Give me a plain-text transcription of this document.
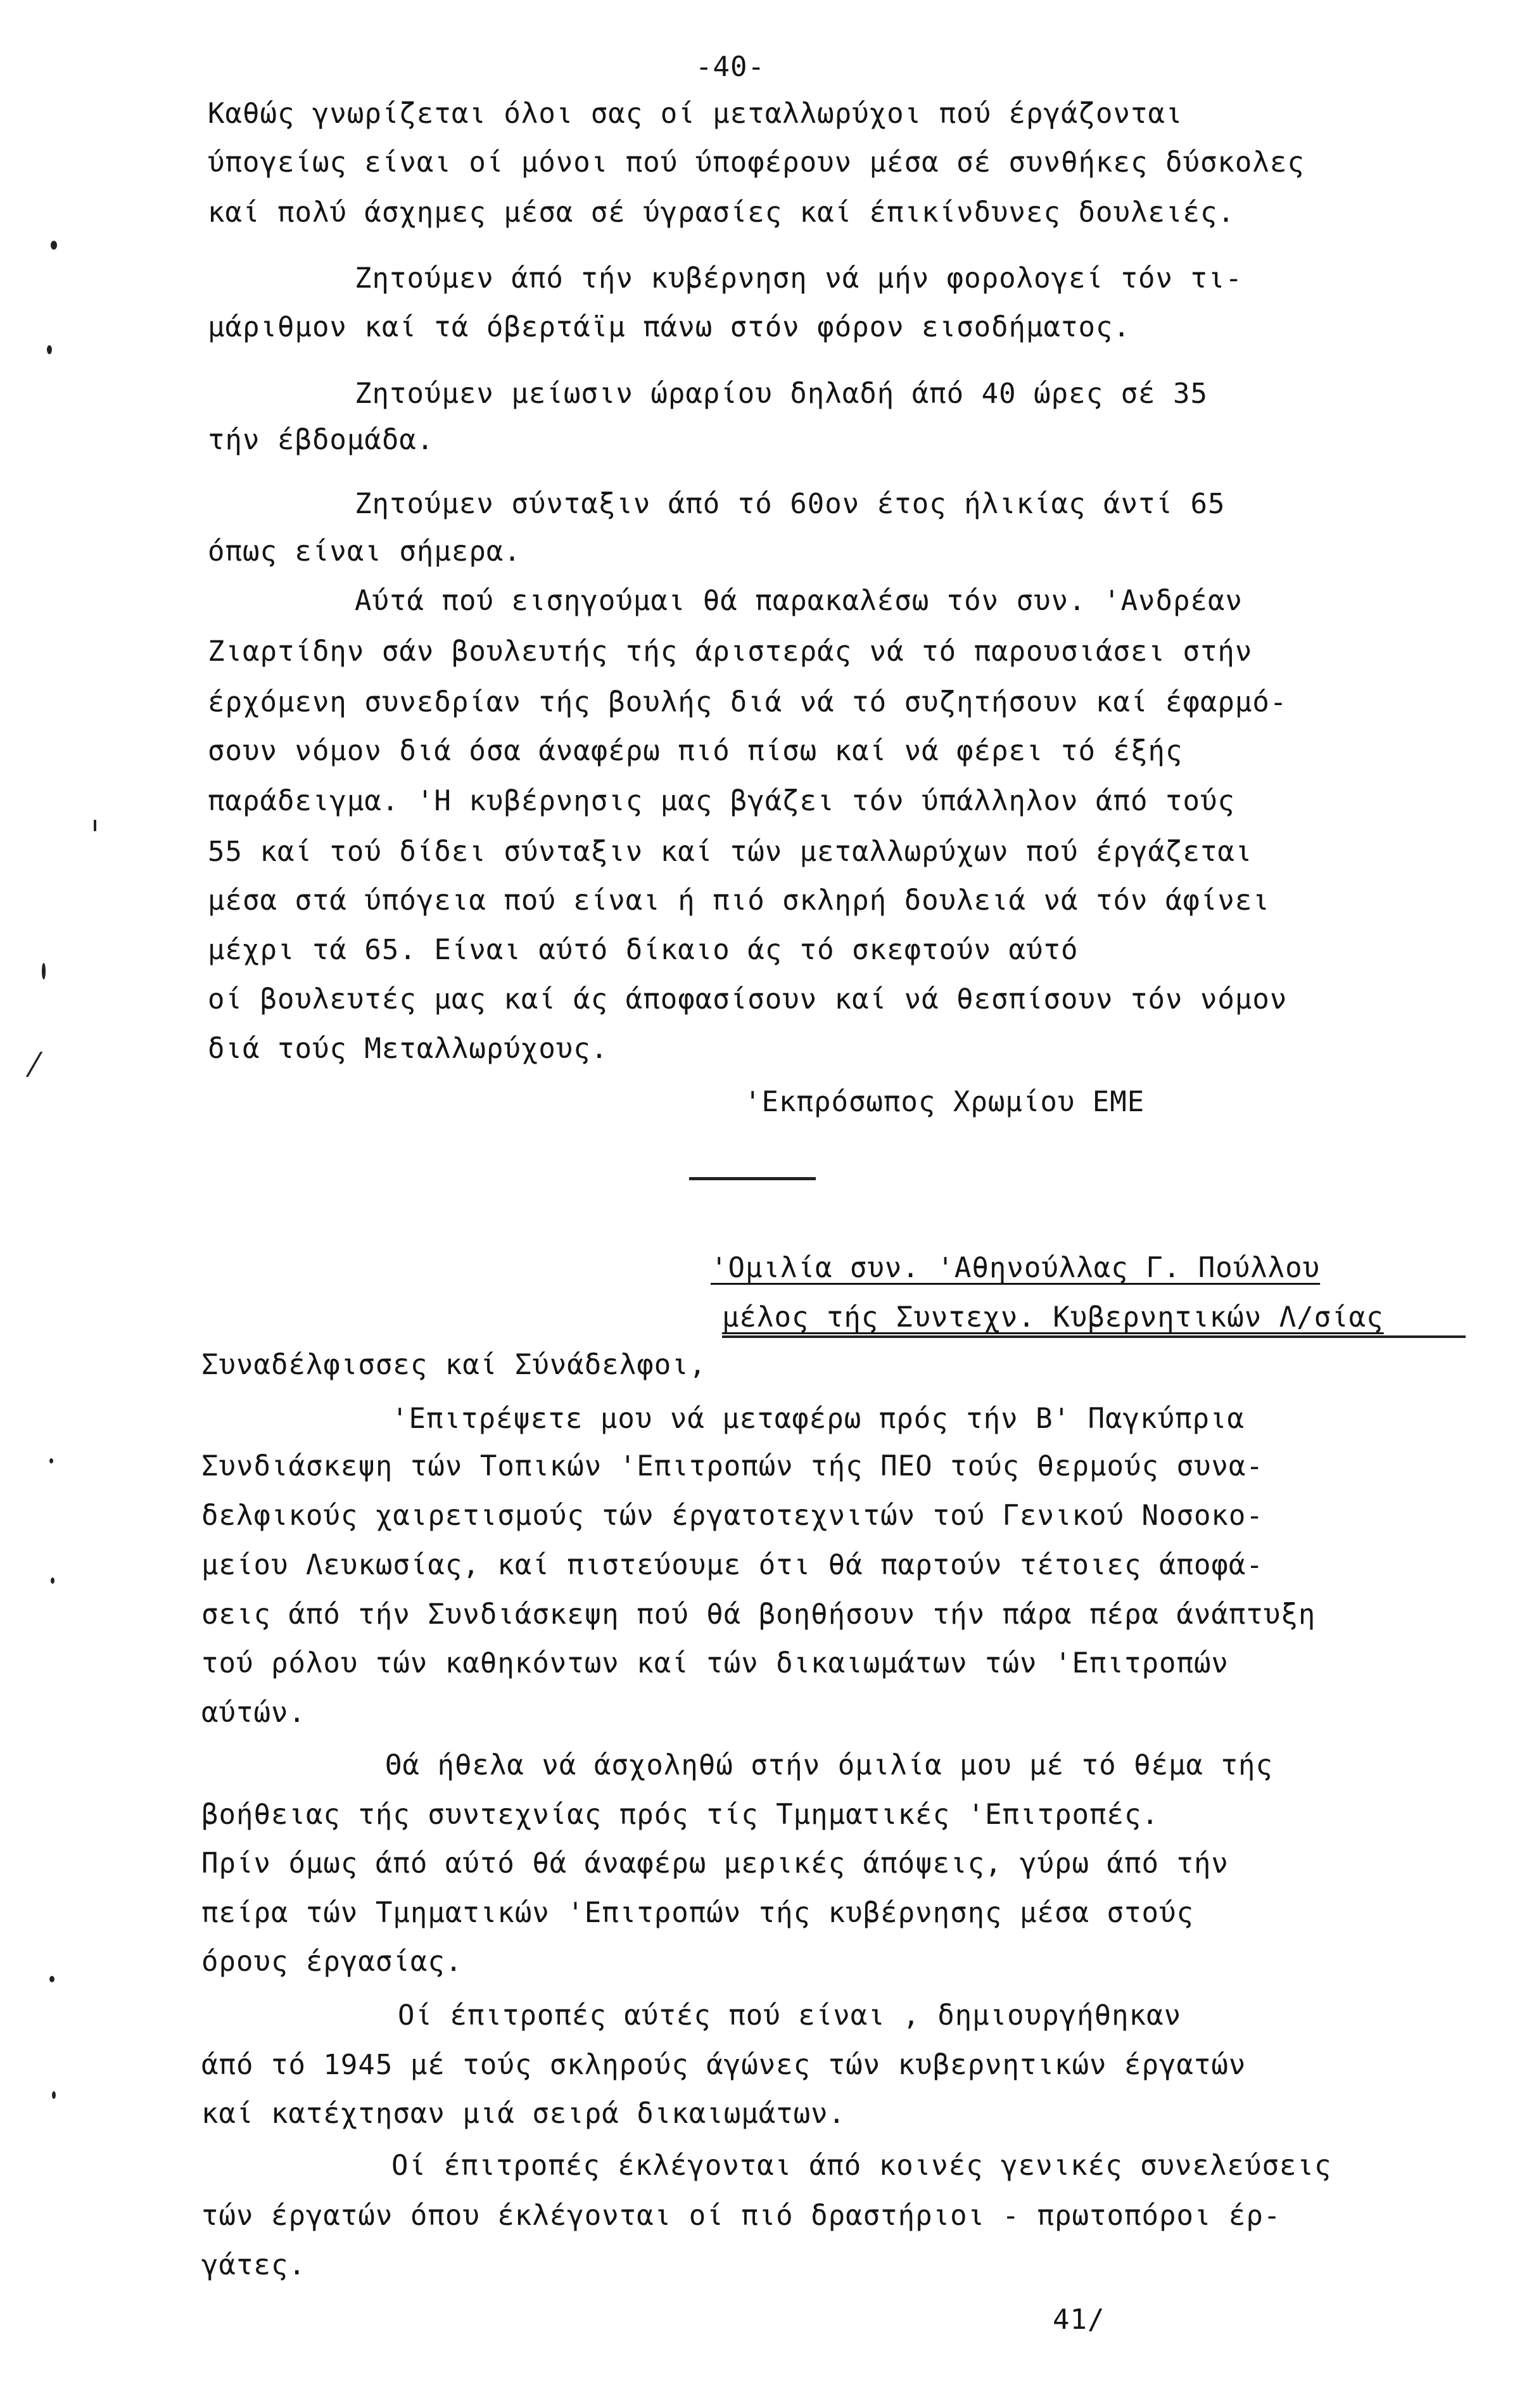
-40-
Καθώς γνωρίζεται όλοι σας οί μεταλλωρύχοι πού έργάζονται
ύπογείως είναι οί μόνοι πού ύποφέρουν μέσα σέ συνθήκες δύσκολες
καί πολύ άσχημες μέσα σέ ύγρασίες καί έπικίνδυνες δουλειές.
Ζητούμεν άπό τήν κυβέρνηση νά μήν φορολογεί τόν τι-
μάριθμον καί τά όβερτάϊμ πάνω στόν φόρον εισοδήματος.
Ζητούμεν μείωσιν ώραρίου δηλαδή άπό 40 ώρες σέ 35
τήν έβδομάδα.
Ζητούμεν σύνταξιν άπό τό 60ον έτος ήλικίας άντί 65
όπως είναι σήμερα.
Αύτά πού εισηγούμαι θά παρακαλέσω τόν συν. 'Ανδρέαν
Ζιαρτίδην σάν βουλευτής τής άριστεράς νά τό παρουσιάσει στήν
έρχόμενη συνεδρίαν τής βουλής διά νά τό συζητήσουν καί έφαρμό-
σουν νόμον διά όσα άναφέρω πιό πίσω καί νά φέρει τό έξής
παράδειγμα. 'Η κυβέρνησις μας βγάζει τόν ύπάλληλον άπό τούς
55 καί τού δίδει σύνταξιν καί τών μεταλλωρύχων πού έργάζεται
μέσα στά ύπόγεια πού είναι ή πιό σκληρή δουλειά νά τόν άφίνει
μέχρι τά 65. Είναι αύτό δίκαιο άς τό σκεφτούν αύτό
οί βουλευτές μας καί άς άποφασίσουν καί νά θεσπίσουν τόν νόμον
διά τούς Μεταλλωρύχους.
'Εκπρόσωπος Χρωμίου ΕΜΕ
'Ομιλία συν. 'Αθηνούλλας Γ. Πούλλου
μέλος τής Συντεχν. Κυβερνητικών Λ/σίας
Συναδέλφισσες καί Σύνάδελφοι,
'Επιτρέψετε μου νά μεταφέρω πρός τήν Β' Παγκύπρια
Συνδιάσκεψη τών Τοπικών 'Επιτροπών τής ΠΕΟ τούς θερμούς συνα-
δελφικούς χαιρετισμούς τών έργατοτεχνιτών τού Γενικού Νοσοκο-
μείου Λευκωσίας, καί πιστεύουμε ότι θά παρτούν τέτοιες άποφά-
σεις άπό τήν Συνδιάσκεψη πού θά βοηθήσουν τήν πάρα πέρα άνάπτυξη
τού ρόλου τών καθηκόντων καί τών δικαιωμάτων τών 'Επιτροπών
αύτών.
Θά ήθελα νά άσχοληθώ στήν όμιλία μου μέ τό θέμα τής
βοήθειας τής συντεχνίας πρός τίς Τμηματικές 'Επιτροπές.
Πρίν όμως άπό αύτό θά άναφέρω μερικές άπόψεις, γύρω άπό τήν
πείρα τών Τμηματικών 'Επιτροπών τής κυβέρνησης μέσα στούς
όρους έργασίας.
Οί έπιτροπές αύτές πού είναι , δημιουργήθηκαν
άπό τό 1945 μέ τούς σκληρούς άγώνες τών κυβερνητικών έργατών
καί κατέχτησαν μιά σειρά δικαιωμάτων.
Οί έπιτροπές έκλέγονται άπό κοινές γενικές συνελεύσεις
τών έργατών όπου έκλέγονται οί πιό δραστήριοι - πρωτοπόροι έρ-
γάτες.
41/
